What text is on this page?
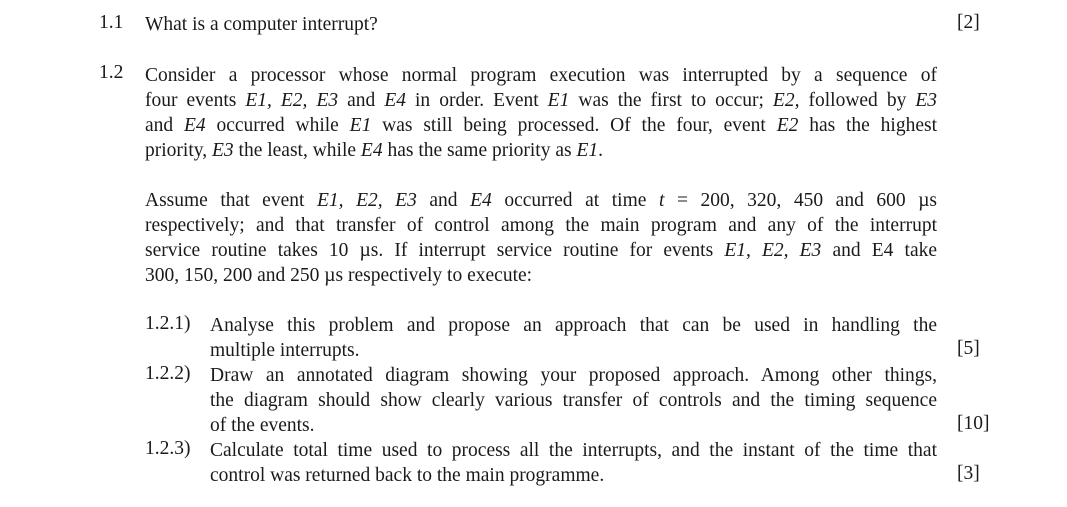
1.1 What is a computer interrupt?	[2]
1.2 Consider a processor whose normal program execution was interrupted by a sequence of
four events E1, E2, E3 and E4 in order. Event E1 was the first to occur; E2, followed by E3
and E4 occurred while E1 was still being processed. Of the four, event E2 has the highest
priority, E3 the least, while E4 has the same priority as E1.
Assume that event E1, E2, E3 and E4 occurred at time t = 200, 320, 450 and 600 µs
respectively; and that transfer of control among the main program and any of the interrupt
service routine takes 10 µs. If interrupt service routine for events E1, E2, E3 and E4 take
300, 150, 200 and 250 µs respectively to execute:
1.2.1) Analyse this problem and propose an approach that can be used in handling the
multiple interrupts.	[5]
1.2.2) Draw an annotated diagram showing your proposed approach. Among other things,
the diagram should show clearly various transfer of controls and the timing sequence
of the events.	[10]
1.2.3) Calculate total time used to process all the interrupts, and the instant of the time that
control was returned back to the main programme.	[3]
